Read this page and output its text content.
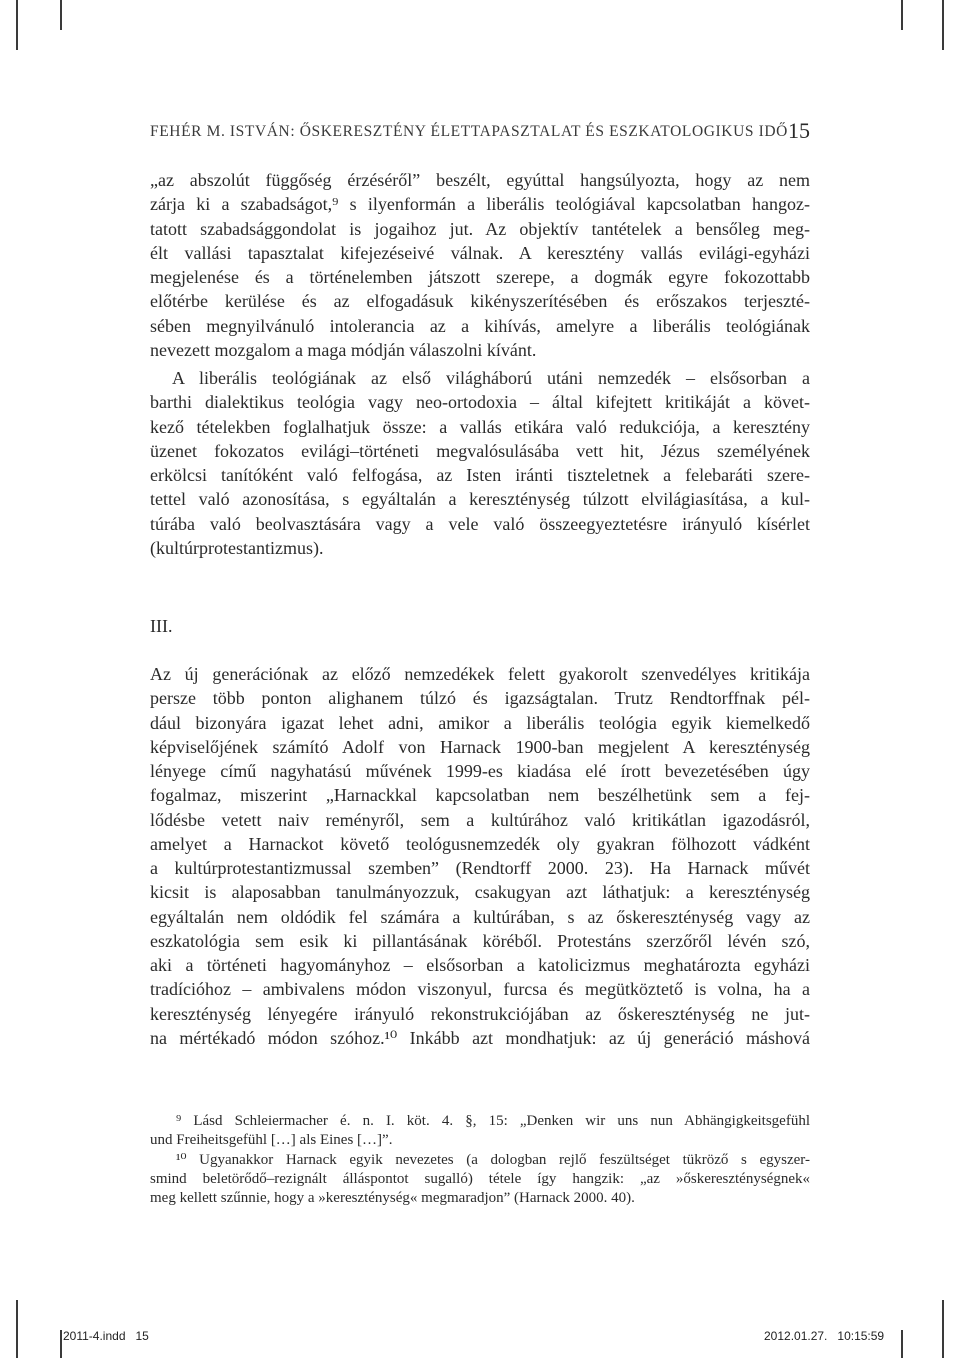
FEHÉR M. ISTVÁN: ŐSKERESZTÉNY ÉLETTAPASZTALAT ÉS ESZKATOLOGIKUS IDŐ 15
„az abszolút függőség érzéséről” beszélt, egyúttal hangsúlyozta, hogy az nem
zárja ki a szabadságot,⁹ s ilyenformán a liberális teológiával kapcsolatban hangoz-
tatott szabadsággondolat is jogaihoz jut. Az objektív tantételek a bensőleg meg-
élt vallási tapasztalat kifejezéseivé válnak. A keresztény vallás evilági-egyházi
megjelenése és a történelemben játszott szerepe, a dogmák egyre fokozottabb
előtérbe kerülése és az elfogadásuk kikényszerítésében és erőszakos terjeszté-
sében megnyilvánuló intolerancia az a kihívás, amelyre a liberális teológiának
nevezett mozgalom a maga módján válaszolni kívánt.
A liberális teológiának az első világháború utáni nemzedék – elsősorban a
barthi dialektikus teológia vagy neo-ortodoxia – által kifejtett kritikáját a követ-
kező tételekben foglalhatjuk össze: a vallás etikára való redukciója, a keresztény
üzenet fokozatos evilági–történeti megvalósulásába vett hit, Jézus személyének
erkölcsi tanítóként való felfogása, az Isten iránti tiszteletnek a felebaráti szere-
tettel való azonosítása, s egyáltalán a kereszténység túlzott elvilágiasítása, a kul-
túrába való beolvasztására vagy a vele való összeegyeztetésre irányuló kísérlet
(kultúrprotestantizmus).
III.
Az új generációnak az előző nemzedékek felett gyakorolt szenvedélyes kritikája
persze több ponton alighanem túlzó és igazságtalan. Trutz Rendtorffnak pél-
dául bizonyára igazat lehet adni, amikor a liberális teológia egyik kiemelkedő
képviselőjének számító Adolf von Harnack 1900-ban megjelent A kereszténység
lényege című nagyhatású művének 1999-es kiadása elé írott bevezetésében úgy
fogalmaz, miszerint „Harnackkal kapcsolatban nem beszélhetünk sem a fej-
lődésbe vetett naiv reményről, sem a kultúrához való kritikátlan igazodásról,
amelyet a Harnackot követő teológusnemzedék oly gyakran fölhozott vádként
a kultúrprotestantizmussal szemben” (Rendtorff 2000. 23). Ha Harnack művét
kicsit is alaposabban tanulmányozzuk, csakugyan azt láthatjuk: a kereszténység
egyáltalán nem oldódik fel számára a kultúrában, s az őskereszténység vagy az
eszkatológia sem esik ki pillantásának köréből. Protestáns szerzőről lévén szó,
aki a történeti hagyományhoz – elsősorban a katolicizmus meghatározta egyházi
tradícióhoz – ambivalens módon viszonyul, furcsa és megütköztető is volna, ha a
kereszténység lényegére irányuló rekonstrukciójában az őskereszténység ne jut-
na mértékadó módon szóhoz.¹⁰ Inkább azt mondhatjuk: az új generáció máshová
⁹ Lásd Schleiermacher é. n. I. köt. 4. §, 15: „Denken wir uns nun Abhängigkeitsgefühl
und Freiheitsgefühl […] als Eines […]”.
¹⁰ Ugyanakkor Harnack egyik nevezetes (a dologban rejlő feszültséget tükröző s egyszer-
smind beletörődő–rezignált álláspontot sugalló) tétele így hangzik: „az »őskereszténységnek«
meg kellett szűnnie, hogy a »kereszténység« megmaradjon” (Harnack 2000. 40).
2011-4.indd   15	2012.01.27.   10:15:59
